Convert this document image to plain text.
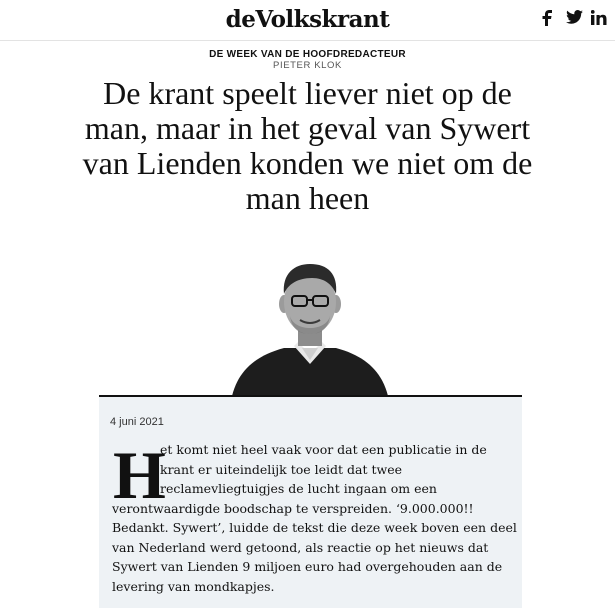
deVolkskrant
DE WEEK VAN DE HOOFDREDACTEUR
PIETER KLOK
De krant speelt liever niet op de man, maar in het geval van Sywert van Lienden konden we niet om de man heen
4 juni 2021
H
et komt niet heel vaak voor dat een publicatie in de
krant er uiteindelijk toe leidt dat twee
reclamevliegtuigjes de lucht ingaan om een
verontwaardigde boodschap te verspreiden. ‘9.000.000!!
Bedankt. Sywert’, luidde de tekst die deze week boven een deel
van Nederland werd getoond, als reactie op het nieuws dat
Sywert van Lienden 9 miljoen euro had overgehouden aan de
levering van mondkapjes.
